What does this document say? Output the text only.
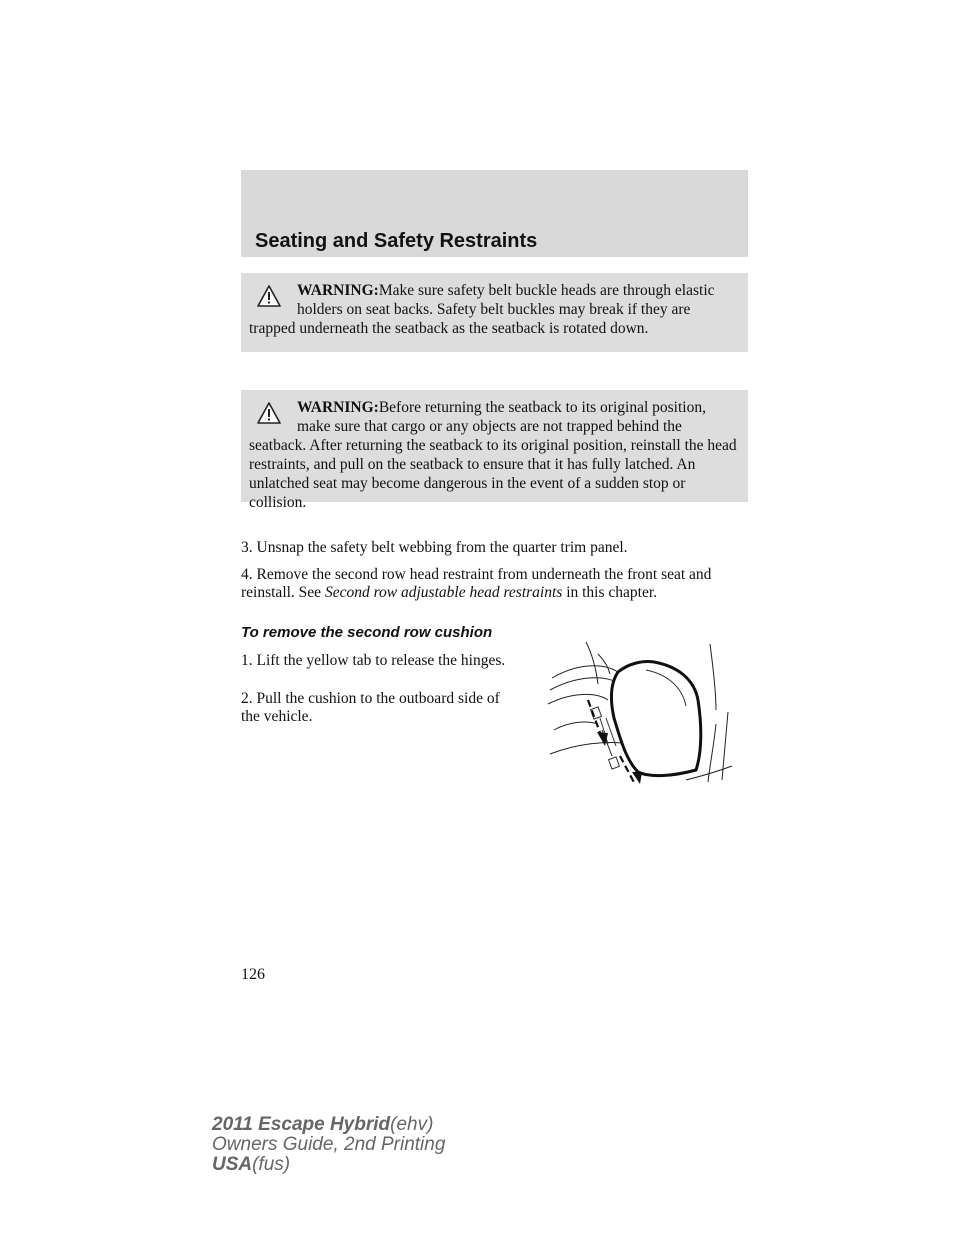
Seating and Safety Restraints
WARNING:Make sure safety belt buckle heads are through elastic holders on seat backs. Safety belt buckles may break if they are trapped underneath the seatback as the seatback is rotated down.
WARNING:Before returning the seatback to its original position, make sure that cargo or any objects are not trapped behind the seatback. After returning the seatback to its original position, reinstall the head restraints, and pull on the seatback to ensure that it has fully latched. An unlatched seat may become dangerous in the event of a sudden stop or collision.
3. Unsnap the safety belt webbing from the quarter trim panel.
4. Remove the second row head restraint from underneath the front seat and reinstall. See Second row adjustable head restraints in this chapter.
To remove the second row cushion
1. Lift the yellow tab to release the hinges.
2. Pull the cushion to the outboard side of the vehicle.
126
2011 Escape Hybrid(ehv)
Owners Guide, 2nd Printing
USA(fus)
